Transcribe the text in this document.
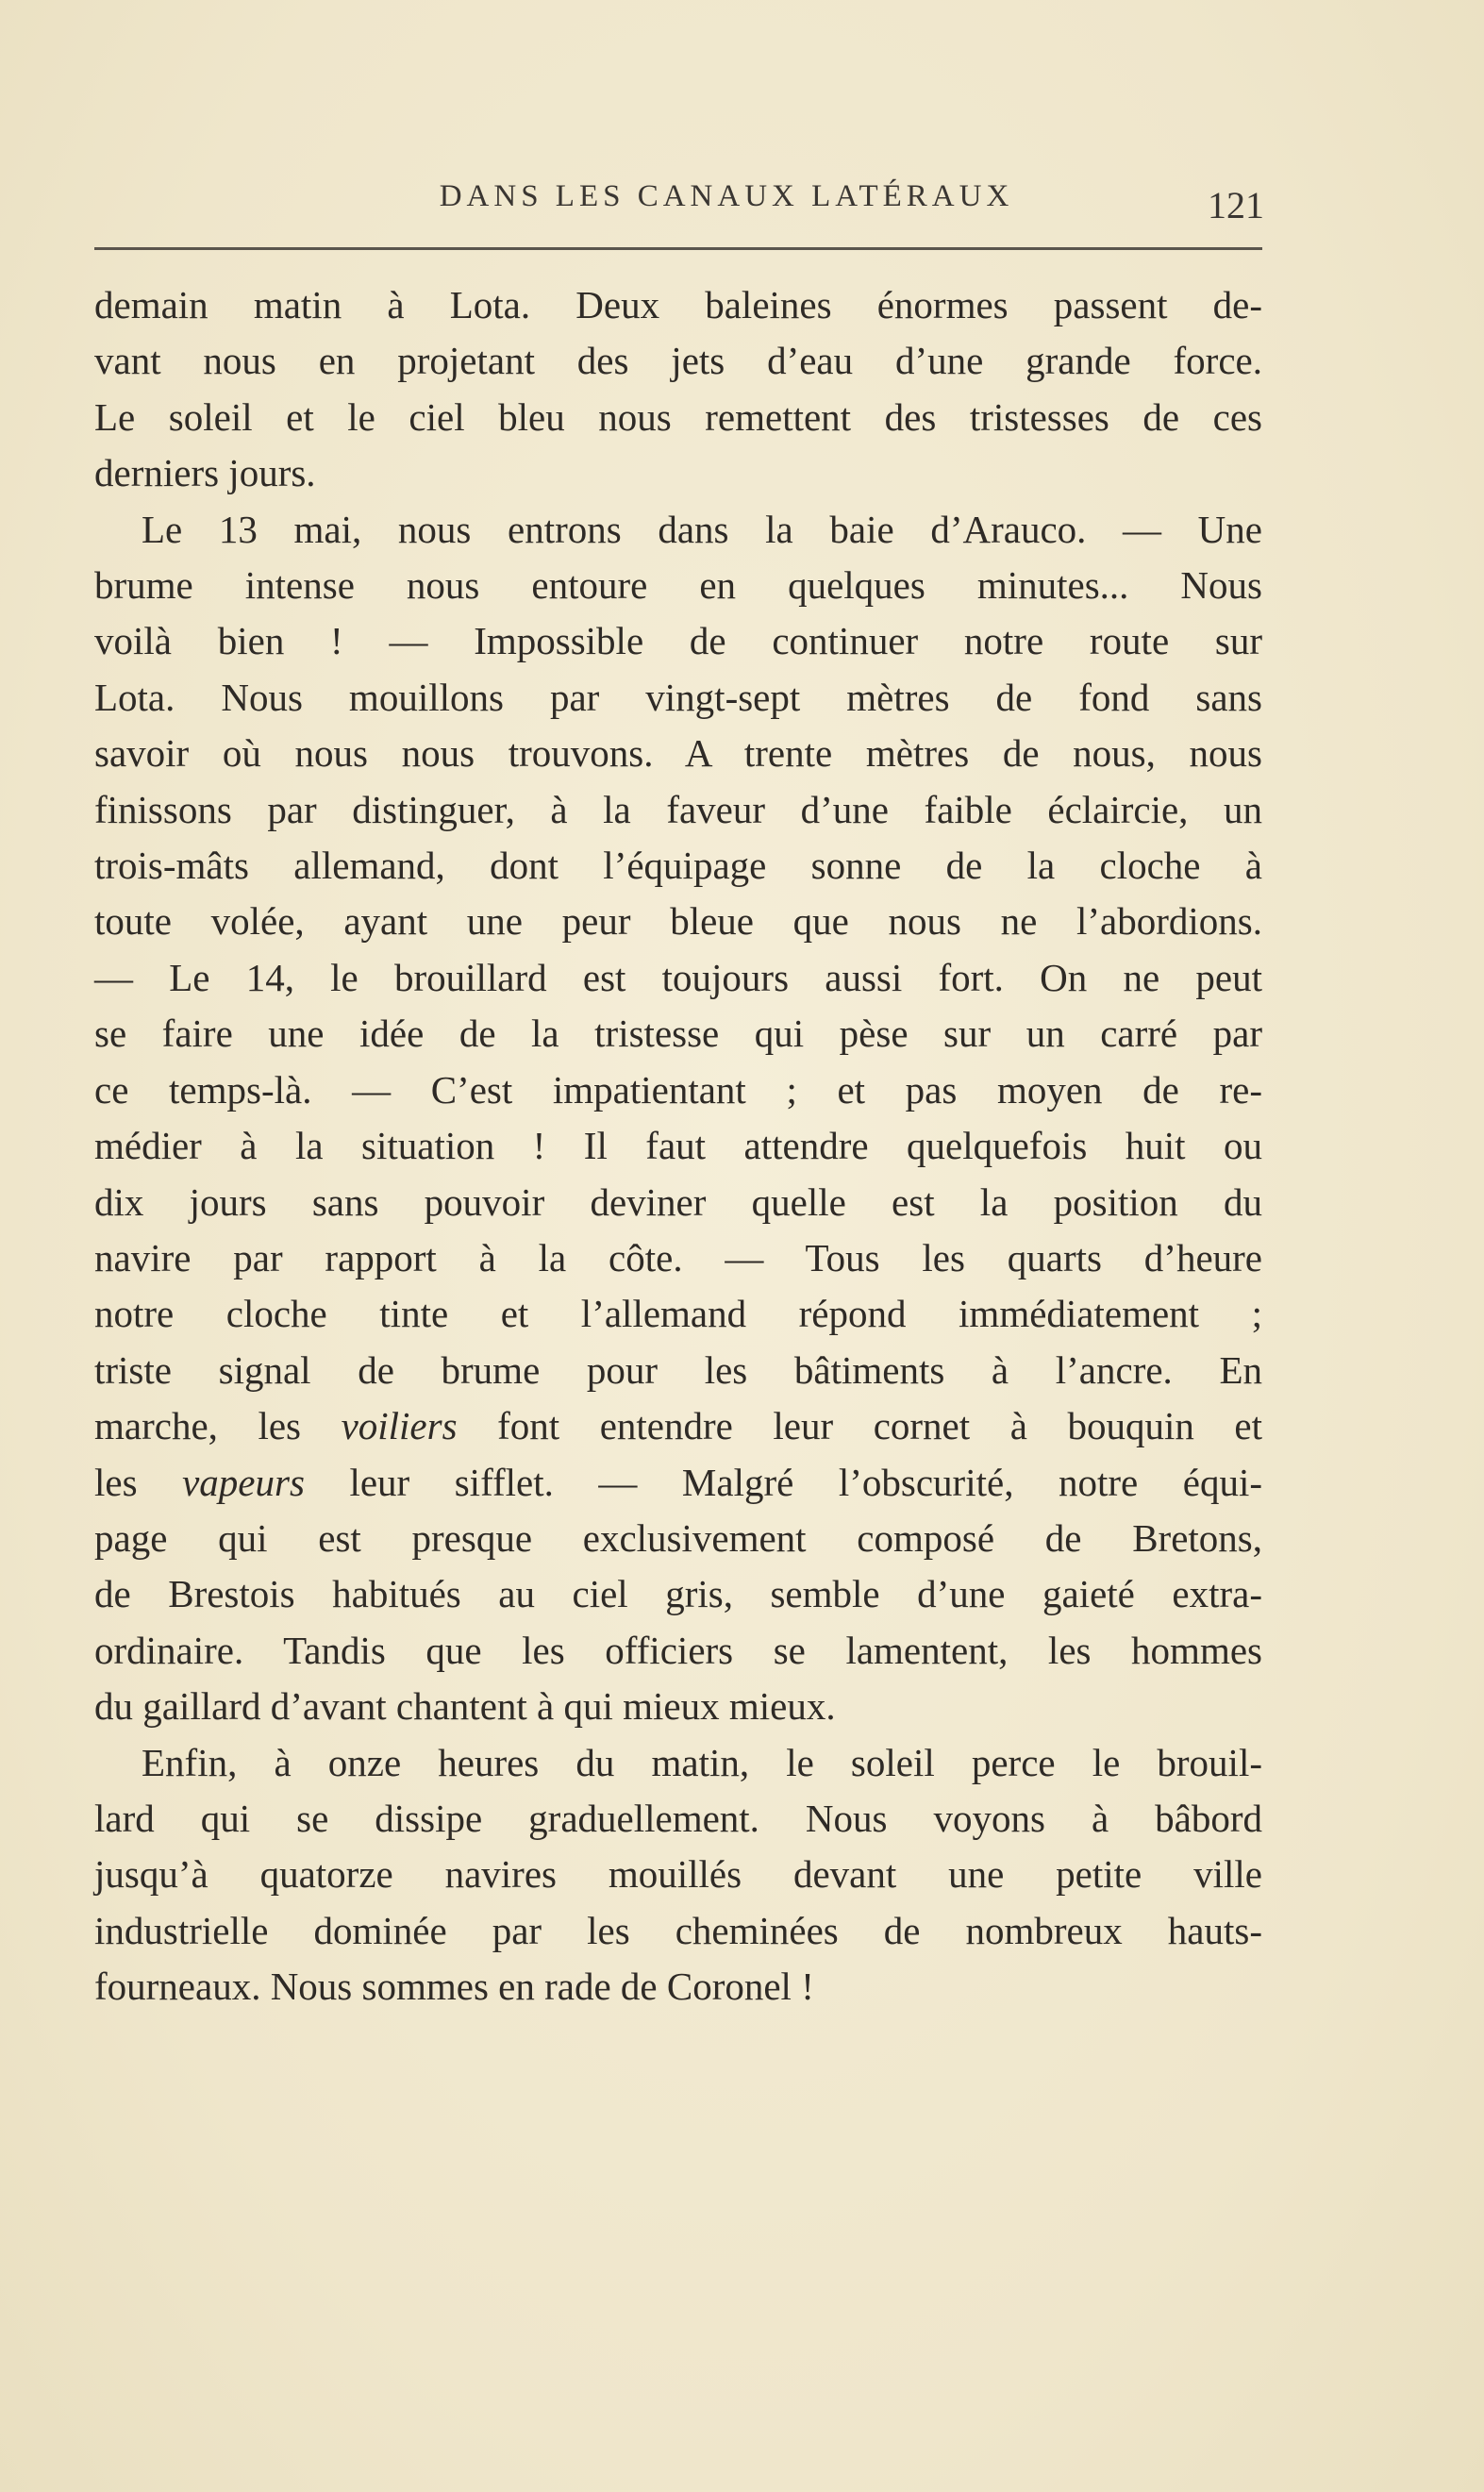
DANS LES CANAUX LATÉRAUX	121

demain matin à Lota. Deux baleines énormes passent de-
vant nous en projetant des jets d’eau d’une grande force.
Le soleil et le ciel bleu nous remettent des tristesses de ces
derniers jours.

Le 13 mai, nous entrons dans la baie d’Arauco. — Une
brume intense nous entoure en quelques minutes... Nous
voilà bien ! — Impossible de continuer notre route sur
Lota. Nous mouillons par vingt-sept mètres de fond sans
savoir où nous nous trouvons. A trente mètres de nous, nous
finissons par distinguer, à la faveur d’une faible éclaircie, un
trois-mâts allemand, dont l’équipage sonne de la cloche à
toute volée, ayant une peur bleue que nous ne l’abordions.
— Le 14, le brouillard est toujours aussi fort. On ne peut
se faire une idée de la tristesse qui pèse sur un carré par
ce temps-là. — C’est impatientant ; et pas moyen de re-
médier à la situation ! Il faut attendre quelquefois huit ou
dix jours sans pouvoir deviner quelle est la position du
navire par rapport à la côte. — Tous les quarts d’heure
notre cloche tinte et l’allemand répond immédiatement ;
triste signal de brume pour les bâtiments à l’ancre. En
marche, les voiliers font entendre leur cornet à bouquin et
les vapeurs leur sifflet. — Malgré l’obscurité, notre équi-
page qui est presque exclusivement composé de Bretons,
de Brestois habitués au ciel gris, semble d’une gaieté extra-
ordinaire. Tandis que les officiers se lamentent, les hommes
du gaillard d’avant chantent à qui mieux mieux.

Enfin, à onze heures du matin, le soleil perce le brouil-
lard qui se dissipe graduellement. Nous voyons à bâbord
jusqu’à quatorze navires mouillés devant une petite ville
industrielle dominée par les cheminées de nombreux hauts-
fourneaux. Nous sommes en rade de Coronel !
